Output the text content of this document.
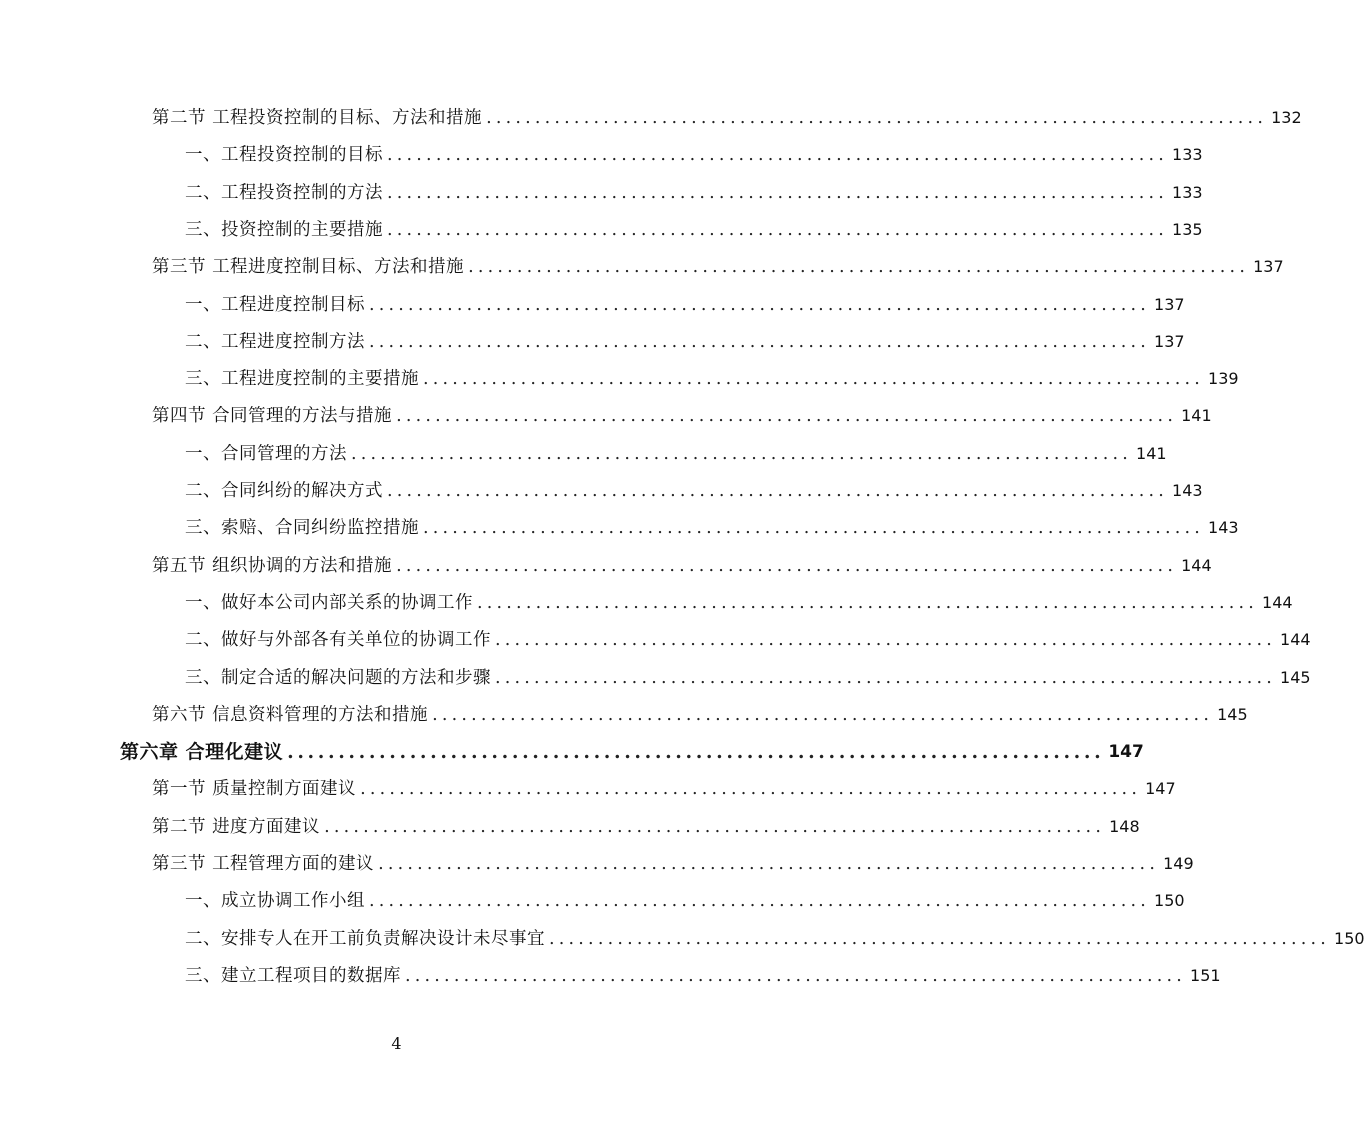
第二节 工程投资控制的目标、方法和措施 ................................................................................ 132
一、工程投资控制的目标 ................................................................................ 133
二、工程投资控制的方法 ................................................................................ 133
三、投资控制的主要措施 ................................................................................ 135
第三节 工程进度控制目标、方法和措施 ................................................................................ 137
一、工程进度控制目标 ................................................................................ 137
二、工程进度控制方法 ................................................................................ 137
三、工程进度控制的主要措施 ................................................................................ 139
第四节 合同管理的方法与措施 ................................................................................ 141
一、合同管理的方法 ................................................................................ 141
二、合同纠纷的解决方式 ................................................................................ 143
三、索赔、合同纠纷监控措施 ................................................................................ 143
第五节 组织协调的方法和措施 ................................................................................ 144
一、做好本公司内部关系的协调工作 ................................................................................ 144
二、做好与外部各有关单位的协调工作 ................................................................................ 144
三、制定合适的解决问题的方法和步骤 ................................................................................ 145
第六节 信息资料管理的方法和措施 ................................................................................ 145
第六章 合理化建议 ................................................................................ 147
第一节 质量控制方面建议 ................................................................................ 147
第二节 进度方面建议 ................................................................................ 148
第三节 工程管理方面的建议 ................................................................................ 149
一、成立协调工作小组 ................................................................................ 150
二、安排专人在开工前负责解决设计未尽事宜 ................................................................................ 150
三、建立工程项目的数据库 ................................................................................ 151
4
